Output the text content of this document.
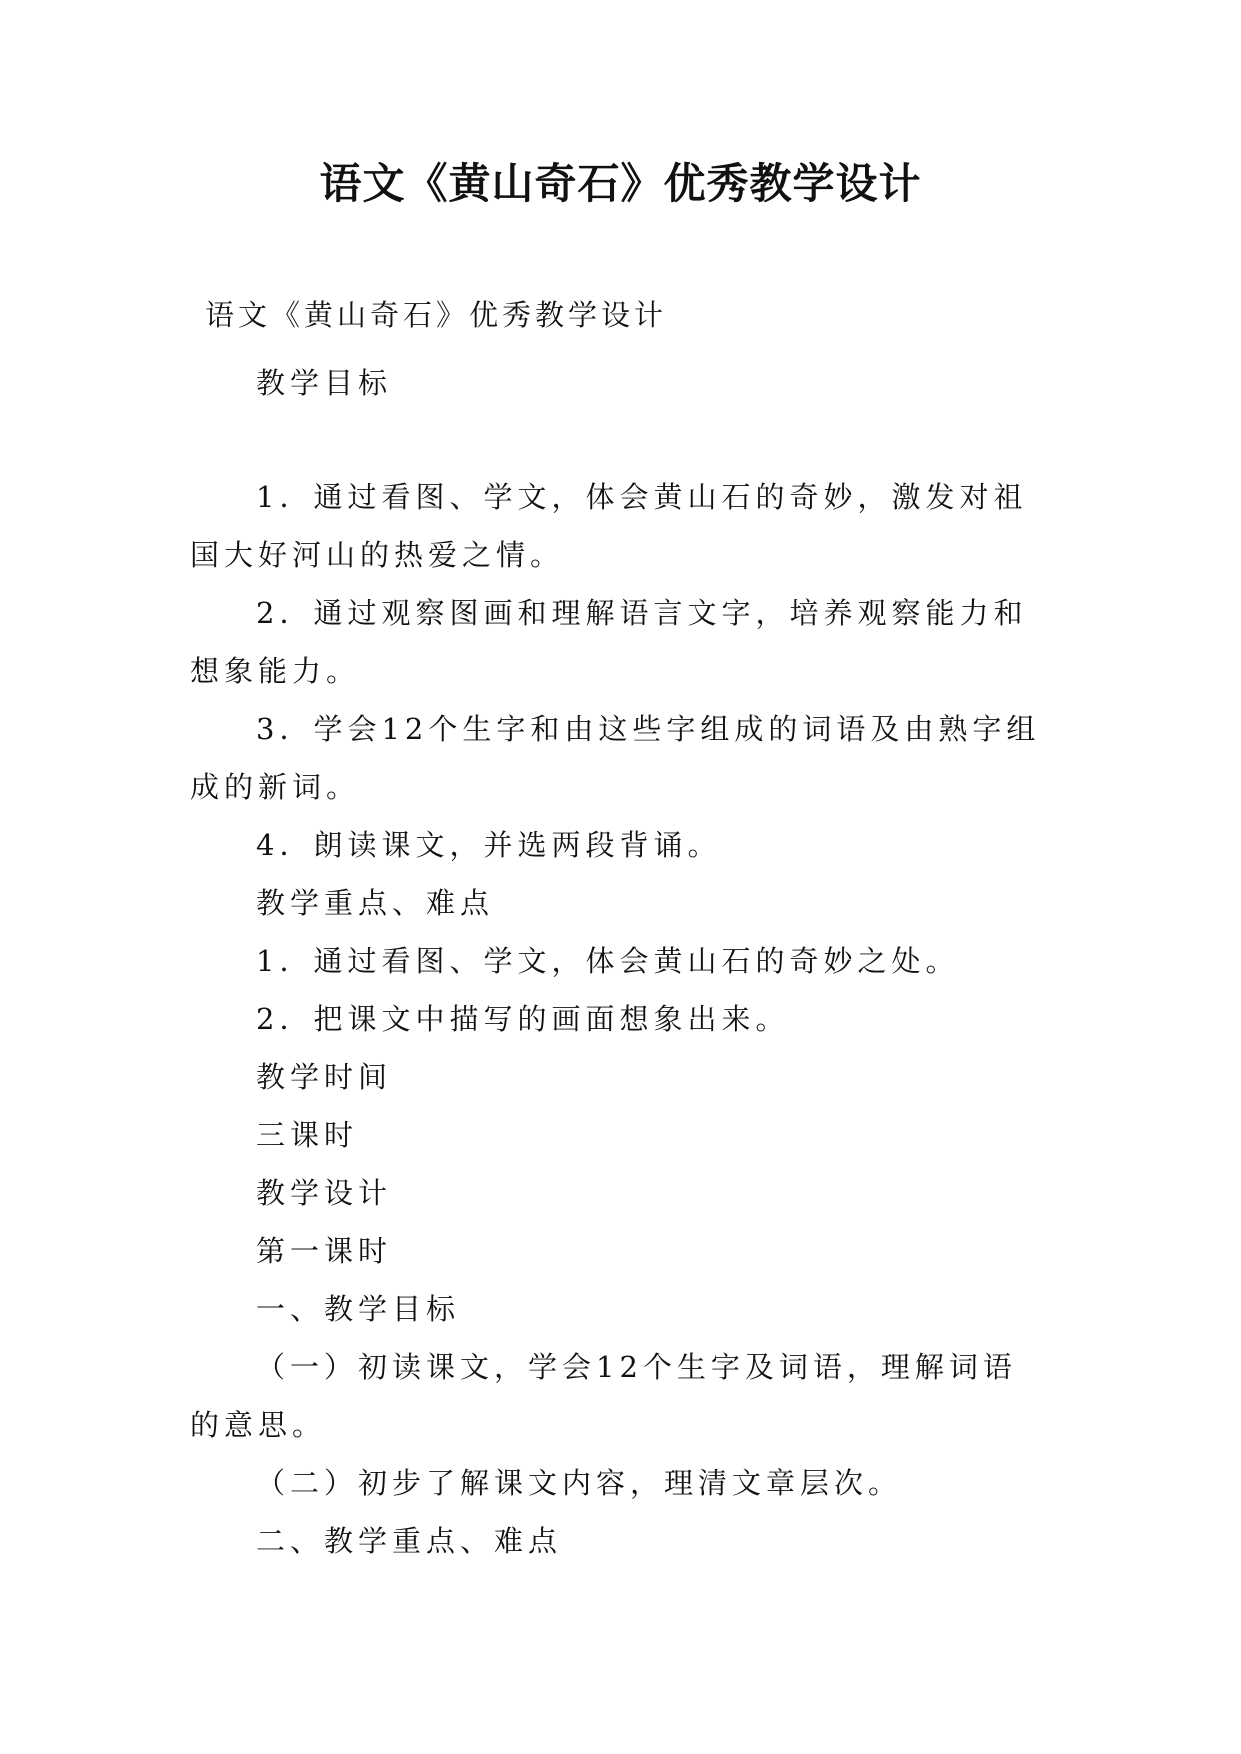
语文《黄山奇石》优秀教学设计
语文《黄山奇石》优秀教学设计

教学目标

1．通过看图、学文，体会黄山石的奇妙，激发对祖国大好河山的热爱之情。

2．通过观察图画和理解语言文字，培养观察能力和想象能力。

3．学会12个生字和由这些字组成的词语及由熟字组成的新词。

4．朗读课文，并选两段背诵。

教学重点、难点

1．通过看图、学文，体会黄山石的奇妙之处。

2．把课文中描写的画面想象出来。

教学时间

三课时

教学设计

第一课时

一、教学目标

（一）初读课文，学会12个生字及词语，理解词语的意思。

（二）初步了解课文内容，理清文章层次。

二、教学重点、难点
